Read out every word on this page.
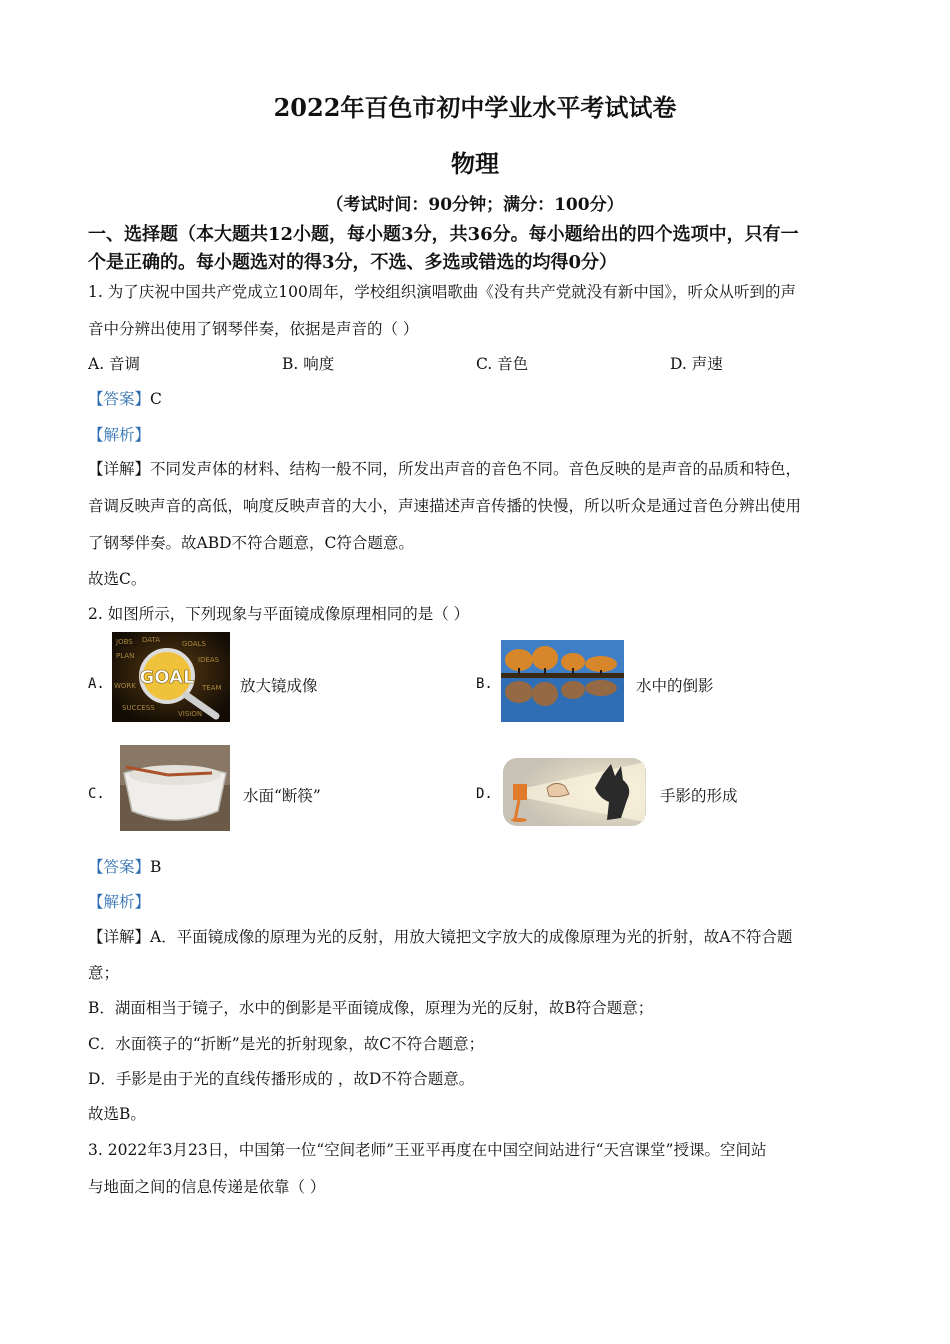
2022年百色市初中学业水平考试试卷
物理
（考试时间：90分钟；满分：100分）
一、选择题（本大题共12小题，每小题3分，共36分。每小题给出的四个选项中，只有一
个是正确的。每小题选对的得3分，不选、多选或错选的均得0分）
1. 为了庆祝中国共产党成立100周年，学校组织演唱歌曲《没有共产党就没有新中国》，听众从听到的声
音中分辨出使用了钢琴伴奏，依据是声音的（ ）
A. 音调	B. 响度	C. 音色	D. 声速
【答案】C
【解析】
【详解】不同发声体的材料、结构一般不同，所发出声音的音色不同。音色反映的是声音的品质和特色，
音调反映声音的高低，响度反映声音的大小，声速描述声音传播的快慢，所以听众是通过音色分辨出使用
了钢琴伴奏。故ABD不符合题意，C符合题意。
故选C。
2. 如图所示，下列现象与平面镜成像原理相同的是（ ）
A.
JOBS DATA	GOALS
PLAN	IDEAS
WORK	TEAM
SUCCESS
VISION
GOAL	放大镜成像	B.	水中的倒影
C.	水面“断筷”	D.	手影的形成
【答案】B
【解析】
【详解】A．平面镜成像的原理为光的反射，用放大镜把文字放大的成像原理为光的折射，故A不符合题
意；
B．湖面相当于镜子，水中的倒影是平面镜成像，原理为光的反射，故B符合题意；
C．水面筷子的“折断”是光的折射现象，故C不符合题意；
D．手影是由于光的直线传播形成的 ，故D不符合题意。
故选B。
3. 2022年3月23日，中国第一位“空间老师”王亚平再度在中国空间站进行“天宫课堂”授课。空间站
与地面之间的信息传递是依靠（ ）
